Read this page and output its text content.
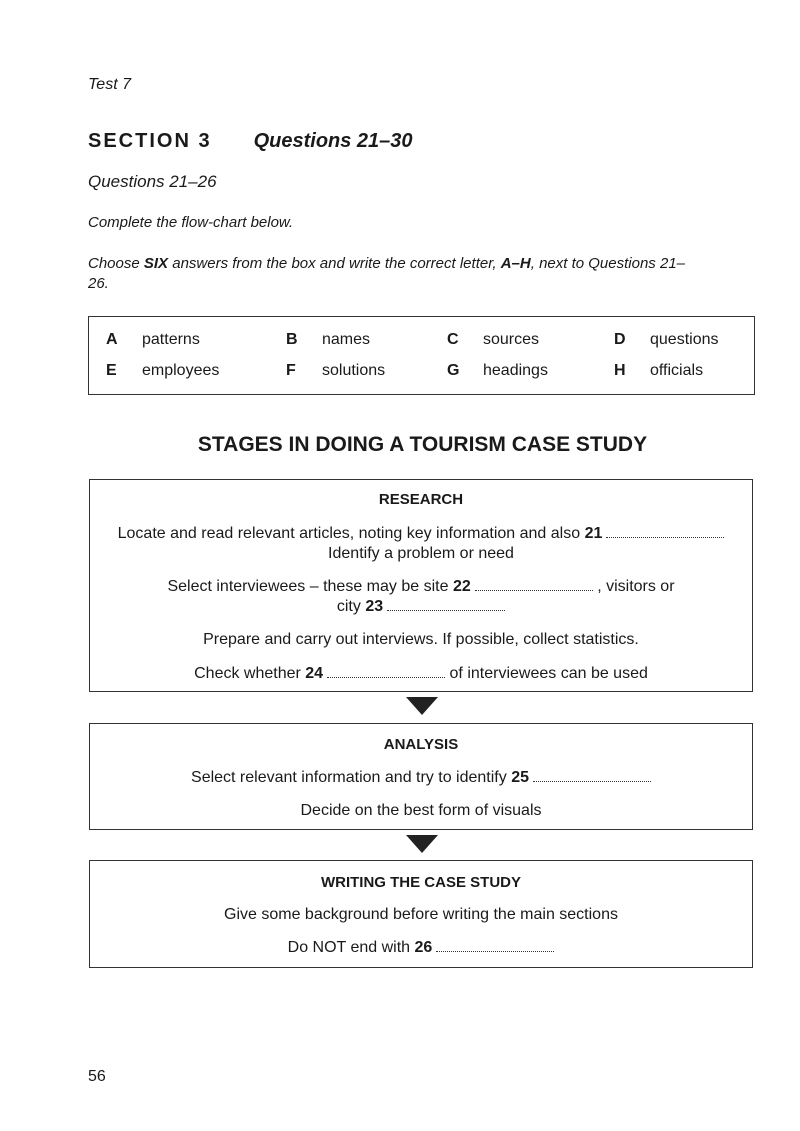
Test 7
SECTION 3 Questions 21–30
Questions 21–26
Complete the flow-chart below.
Choose SIX answers from the box and write the correct letter, A–H, next to Questions 21–26.
A patterns	B names	C sources	D questions
E employees	F solutions	G headings	H officials
STAGES IN DOING A TOURISM CASE STUDY
RESEARCH
Locate and read relevant articles, noting key information and also 21
Identify a problem or need
Select interviewees – these may be site 22	, visitors or
city 23
Prepare and carry out interviews. If possible, collect statistics.
Check whether 24	of interviewees can be used
ANALYSIS
Select relevant information and try to identify 25
Decide on the best form of visuals
WRITING THE CASE STUDY
Give some background before writing the main sections
Do NOT end with 26
56
